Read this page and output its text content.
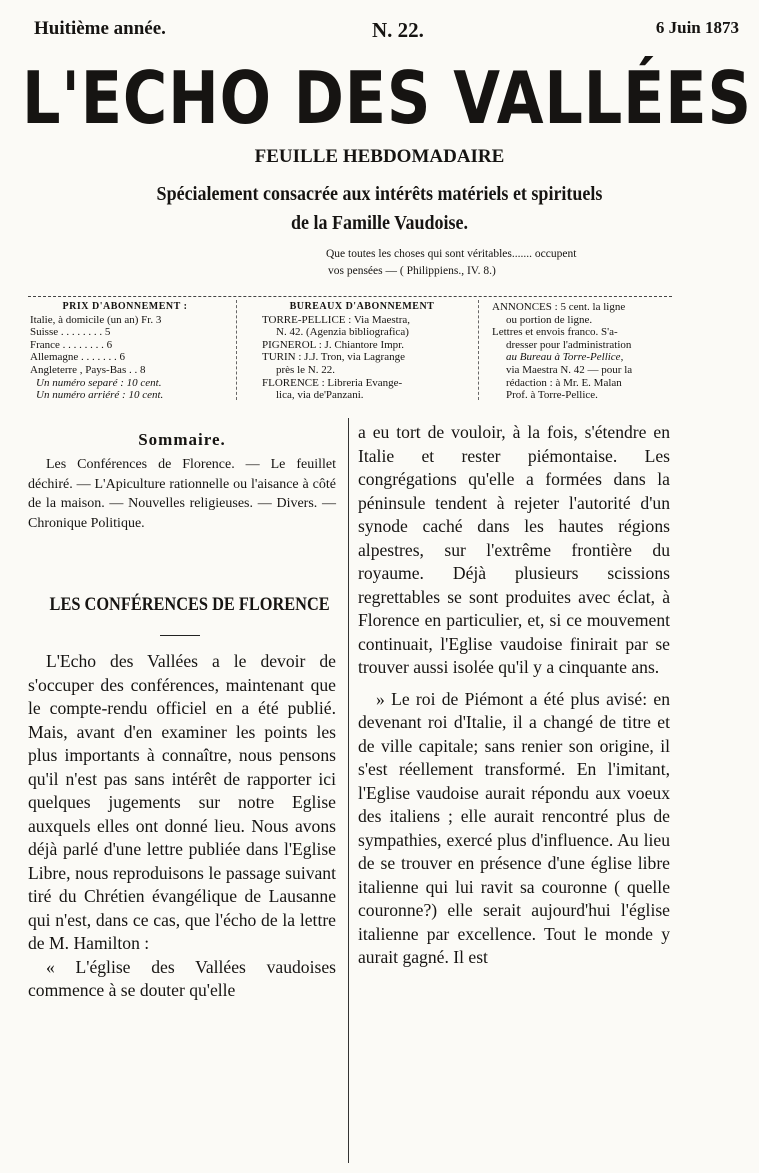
Huitième année.	N. 22.	6 Juin 1873
L'ECHO DES VALLÉES
FEUILLE HEBDOMADAIRE
Spécialement consacrée aux intérêts matériels et spirituels
de la Famille Vaudoise.
Que toutes les choses qui sont véritables....... occupent
vos pensées — ( Philippiens., IV. 8.)
PRIX D'ABONNEMENT :
Italie, à domicile (un an) Fr. 3
Suisse . . . . . . . . 5
France . . . . . . . . 6
Allemagne . . . . . . . 6
Angleterre , Pays-Bas . . 8
Un numéro separé : 10 cent.
Un numéro arriéré : 10 cent.
BUREAUX D'ABONNEMENT
TORRE-PELLICE : Via Maestra,
N. 42. (Agenzia bibliografica)
PIGNEROL : J. Chiantore Impr.
TURIN : J.J. Tron, via Lagrange
près le N. 22.
FLORENCE : Libreria Evange-
lica, via de'Panzani.
ANNONCES : 5 cent. la ligne
ou portion de ligne.
Lettres et envois franco. S'a-
dresser pour l'administration
au Bureau à Torre-Pellice,
via Maestra N. 42 — pour la
rédaction : à Mr. E. Malan
Prof. à Torre-Pellice.
Sommaire.
Les Conférences de Florence. — Le feuillet déchiré. — L'Apiculture rationnelle ou l'aisance à côté de la maison. — Nouvelles religieuses. — Divers. — Chronique Politique.
LES CONFÉRENCES DE FLORENCE

L'Echo des Vallées a le devoir de s'occuper des conférences, maintenant que le compte-rendu officiel en a été publié. Mais, avant d'en examiner les points les plus importants à connaître, nous pensons qu'il n'est pas sans intérêt de rapporter ici quelques jugements sur notre Eglise auxquels elles ont donné lieu. Nous avons déjà parlé d'une lettre publiée dans l'Eglise Libre, nous reproduisons le passage suivant tiré du Chrétien évangélique de Lausanne qui n'est, dans ce cas, que l'écho de la lettre de M. Hamilton :

« L'église des Vallées vaudoises commence à se douter qu'elle

a eu tort de vouloir, à la fois, s'étendre en Italie et rester piémontaise. Les congrégations qu'elle a formées dans la péninsule tendent à rejeter l'autorité d'un synode caché dans les hautes régions alpestres, sur l'extrême frontière du royaume. Déjà plusieurs scissions regrettables se sont produites avec éclat, à Florence en particulier, et, si ce mouvement continuait, l'Eglise vaudoise finirait par se trouver aussi isolée qu'il y a cinquante ans.

» Le roi de Piémont a été plus avisé: en devenant roi d'Italie, il a changé de titre et de ville capitale; sans renier son origine, il s'est réellement transformé. En l'imitant, l'Eglise vaudoise aurait répondu aux voeux des italiens ; elle aurait rencontré plus de sympathies, exercé plus d'influence. Au lieu de se trouver en présence d'une église libre italienne qui lui ravit sa couronne ( quelle couronne?) elle serait aujourd'hui l'église italienne par excellence. Tout le monde y aurait gagné. Il est
